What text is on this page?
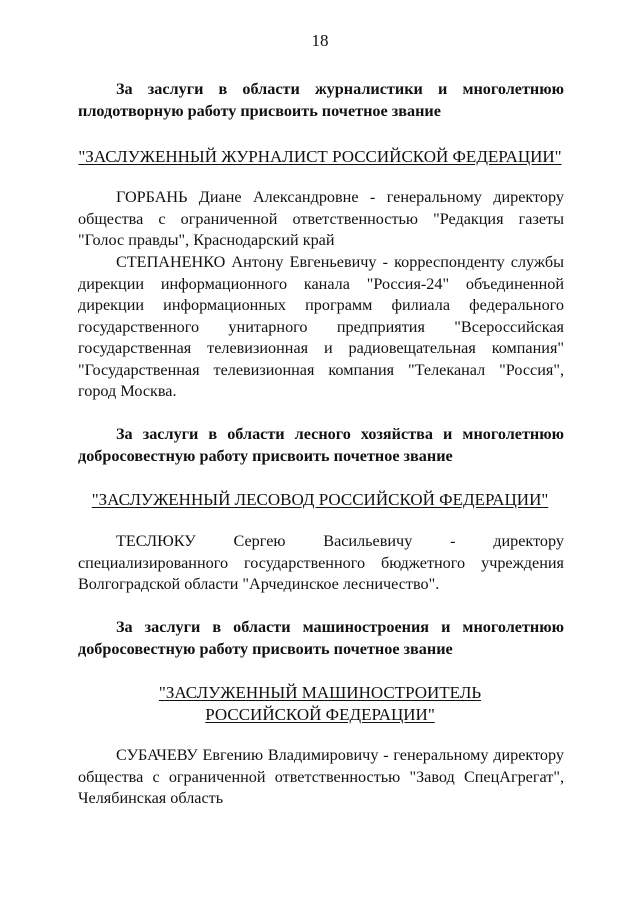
18
За заслуги в области журналистики и многолетнюю
плодотворную работу присвоить почетное звание
"ЗАСЛУЖЕННЫЙ ЖУРНАЛИСТ РОССИЙСКОЙ ФЕДЕРАЦИИ"
ГОРБАНЬ Диане Александровне - генеральному директору
общества с ограниченной ответственностью "Редакция газеты
"Голос правды", Краснодарский край
СТЕПАНЕНКО Антону Евгеньевичу - корреспонденту службы
дирекции информационного канала "Россия-24" объединенной
дирекции информационных программ филиала федерального
государственного унитарного предприятия "Всероссийская
государственная телевизионная и радиовещательная компания"
"Государственная телевизионная компания "Телеканал "Россия",
город Москва.
За заслуги в области лесного хозяйства и многолетнюю
добросовестную работу присвоить почетное звание
"ЗАСЛУЖЕННЫЙ ЛЕСОВОД РОССИЙСКОЙ ФЕДЕРАЦИИ"
ТЕСЛЮКУ Сергею Васильевичу - директору
специализированного государственного бюджетного учреждения
Волгоградской области "Арчединское лесничество".
За заслуги в области машиностроения и многолетнюю
добросовестную работу присвоить почетное звание
"ЗАСЛУЖЕННЫЙ МАШИНОСТРОИТЕЛЬ
РОССИЙСКОЙ ФЕДЕРАЦИИ"
СУБАЧЕВУ Евгению Владимировичу - генеральному директору
общества с ограниченной ответственностью "Завод СпецАгрегат",
Челябинская область
